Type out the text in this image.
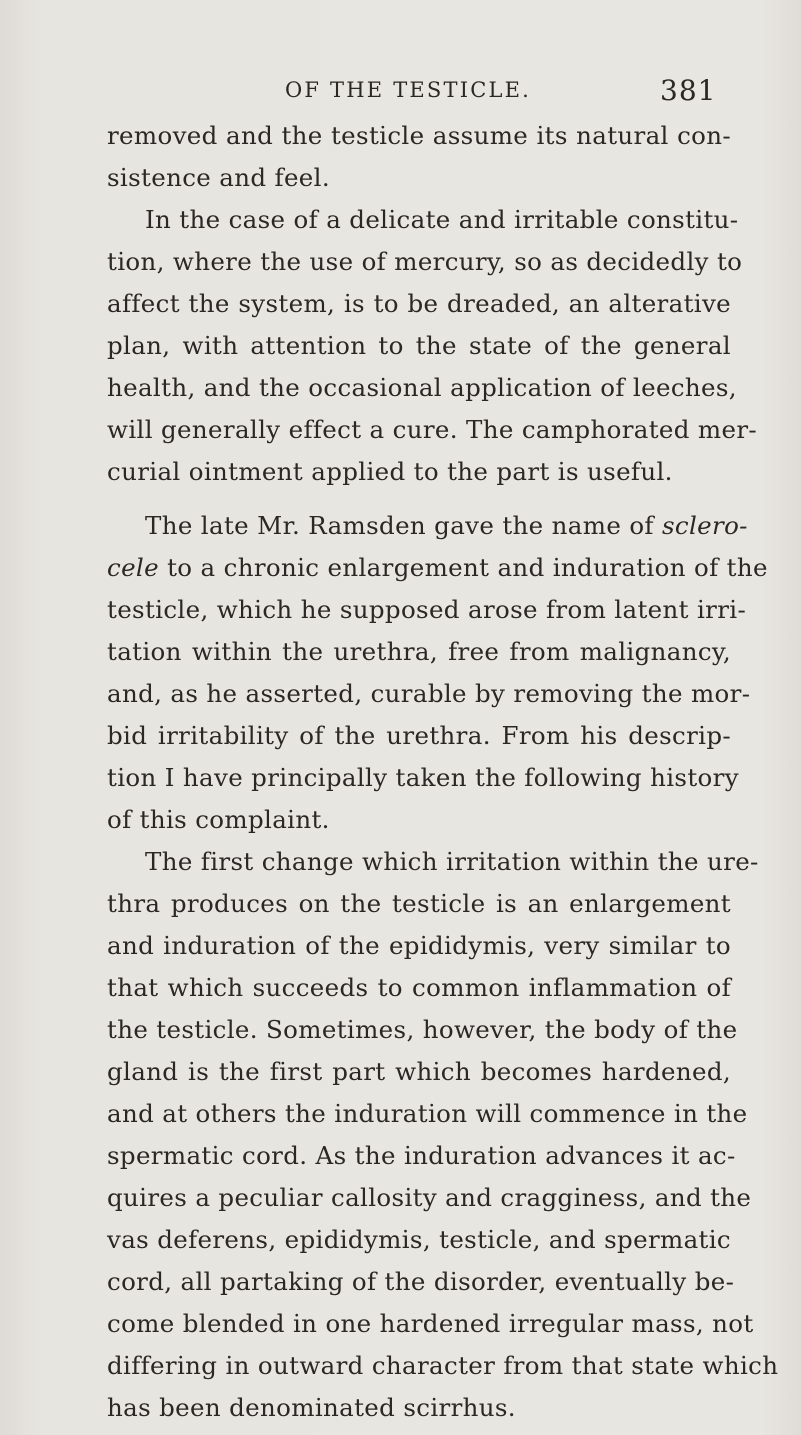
OF THE TESTICLE.	381
removed and the testicle assume its natural con-
sistence and feel.
In the case of a delicate and irritable constitu-
tion, where the use of mercury, so as decidedly to
affect the system, is to be dreaded, an alterative
plan, with attention to the state of the general
health, and the occasional application of leeches,
will generally effect a cure. The camphorated mer-
curial ointment applied to the part is useful.
The late Mr. Ramsden gave the name of sclero-
cele to a chronic enlargement and induration of the
testicle, which he supposed arose from latent irri-
tation within the urethra, free from malignancy,
and, as he asserted, curable by removing the mor-
bid irritability of the urethra. From his descrip-
tion I have principally taken the following history
of this complaint.
The first change which irritation within the ure-
thra produces on the testicle is an enlargement
and induration of the epididymis, very similar to
that which succeeds to common inflammation of
the testicle. Sometimes, however, the body of the
gland is the first part which becomes hardened,
and at others the induration will commence in the
spermatic cord. As the induration advances it ac-
quires a peculiar callosity and cragginess, and the
vas deferens, epididymis, testicle, and spermatic
cord, all partaking of the disorder, eventually be-
come blended in one hardened irregular mass, not
differing in outward character from that state which
has been denominated scirrhus.
